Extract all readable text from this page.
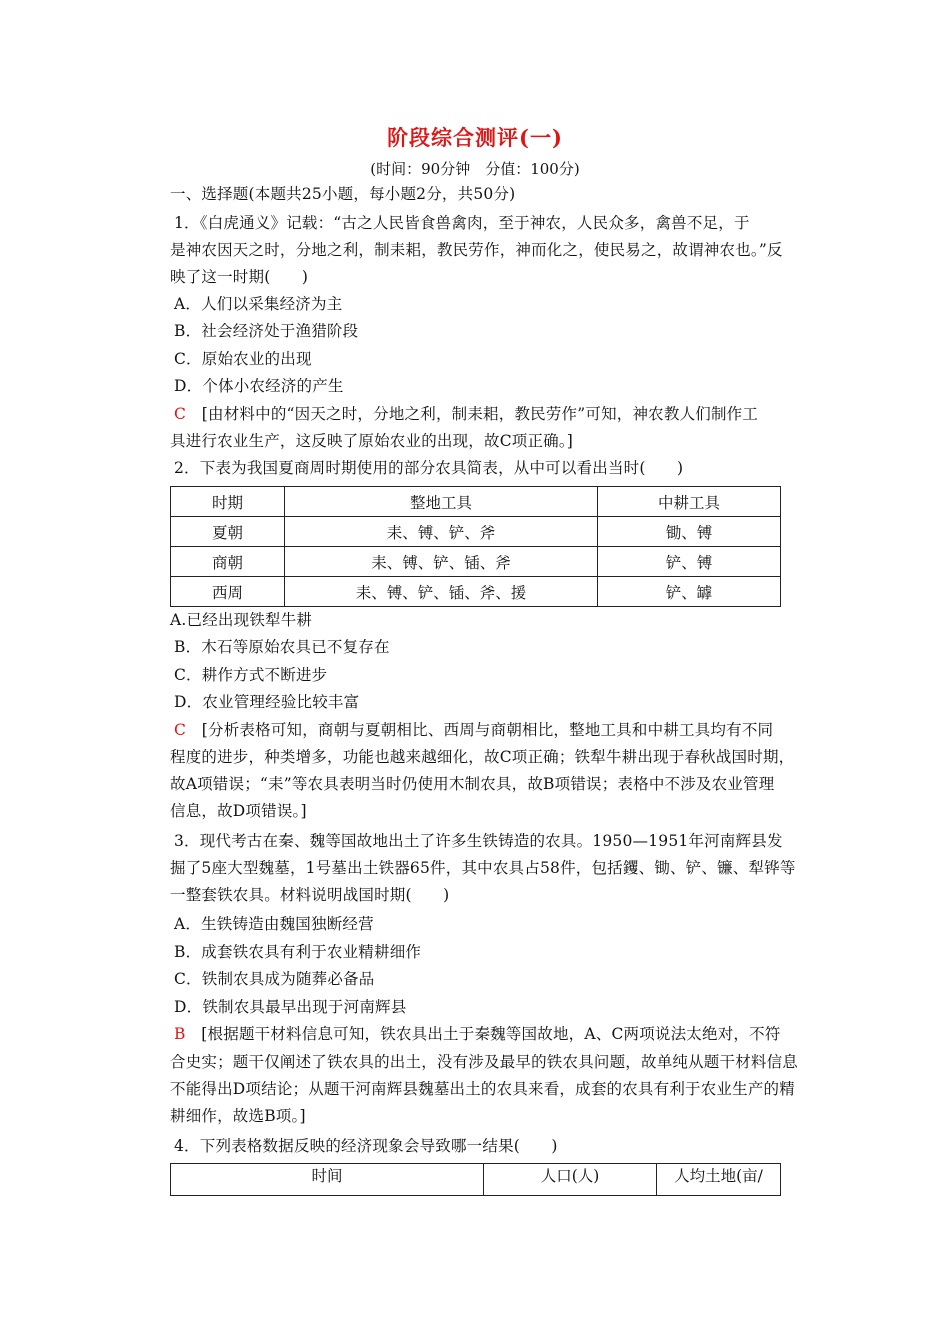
阶段综合测评(一)
(时间：90分钟　分值：100分)
一、选择题(本题共25小题，每小题2分，共50分)
1．《白虎通义》记载：“古之人民皆食兽禽肉，至于神农，人民众多，禽兽不足，于
是神农因天之时，分地之利，制耒耜，教民劳作，神而化之，使民易之，故谓神农也。”反
映了这一时期(　　)
A．人们以采集经济为主
B．社会经济处于渔猎阶段
C．原始农业的出现
D．个体小农经济的产生
C　 [由材料中的“因天之时，分地之利，制耒耜，教民劳作”可知，神农教人们制作工
具进行农业生产，这反映了原始农业的出现，故C项正确。]
2．下表为我国夏商周时期使用的部分农具简表，从中可以看出当时(　　)
时期	整地工具	中耕工具
夏朝	耒、镈、铲、斧	锄、镈
商朝	耒、镈、铲、锸、斧	铲、镈
西周	耒、镈、铲、锸、斧、援	铲、罅
A.已经出现铁犁牛耕
B．木石等原始农具已不复存在
C．耕作方式不断进步
D．农业管理经验比较丰富
C　 [分析表格可知，商朝与夏朝相比、西周与商朝相比，整地工具和中耕工具均有不同
程度的进步，种类增多，功能也越来越细化，故C项正确；铁犁牛耕出现于春秋战国时期，
故A项错误；“耒”等农具表明当时仍使用木制农具，故B项错误；表格中不涉及农业管理
信息，故D项错误。]
3．现代考古在秦、魏等国故地出土了许多生铁铸造的农具。1950—1951年河南辉县发
掘了5座大型魏墓，1号墓出土铁器65件，其中农具占58件，包括钁、锄、铲、镰、犁铧等
一整套铁农具。材料说明战国时期(　　)
A．生铁铸造由魏国独断经营
B．成套铁农具有利于农业精耕细作
C．铁制农具成为随葬必备品
D．铁制农具最早出现于河南辉县
B　 [根据题干材料信息可知，铁农具出土于秦魏等国故地，A、C两项说法太绝对，不符
合史实；题干仅阐述了铁农具的出土，没有涉及最早的铁农具问题，故单纯从题干材料信息
不能得出D项结论；从题干河南辉县魏墓出土的农具来看，成套的农具有利于农业生产的精
耕细作，故选B项。]
4．下列表格数据反映的经济现象会导致哪一结果(　　)
时间	人口(人)	人均土地(亩/
